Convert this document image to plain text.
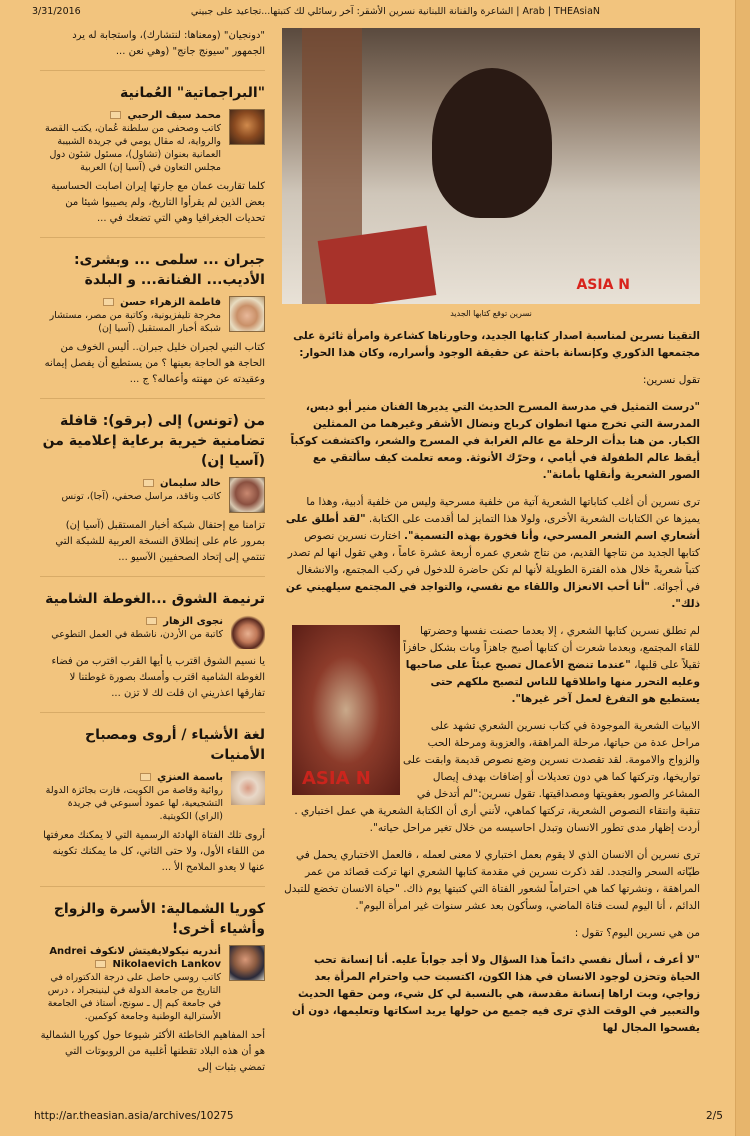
3/31/2016	Arab | THEAsiaN | الشاعرة والفنانة اللبنانية نسرين الأشقر: آخر رسائلي لك كتبتها...تجاعيد على جبيني
"دونجيان" (ومعناها: لنتشارك)، واستجابة له يرد الجمهور "سيونج جانج" (وهي نعن ...
"البراجماتية" العُمانية
محمد سيف الرحبي
كاتب وصحفي من سلطنة عُمان، يكتب القصة والرواية، له مقال يومي في جريدة الشبيبة العمانية بعنوان (تشاول)، مسئول شئون دول مجلس التعاون في (آسيا إن) العربية
كلما تقاربت عمان مع جارتها إيران اصابت الحساسية بعض الذين لم يقرأوا التاريخ، ولم يصيبوا شيئا من تحديات الجغرافيا وهي التي تضعك في ...
جبران ... سلمى ... وبشرى: الأديب... الفنانة... و البلدة
فاطمة الزهراء حسن
مخرجة تليفزيونية، وكاتبة من مصر، مستشار شبكة أخبار المستقبل (آسيا إن)
كتاب النبي لجبران خليل جبران.. أليس الخوف من الحاجة هو الحاجة بعينها ؟ من يستطيع أن يفصل إيمانه وعقيدته عن مهنته وأعماله؟ ج ...
من (تونس) إلى (برقو): قافلة تضامنية خيرية برعاية إعلامية من (آسيا إن)
خالد سليمان
كاتب وناقد، مراسل صحفي، (آجا)، تونس
تزامنا مع إحتفال شبكة أخبار المستقبل (آسيا إن) بمرور عام على إنطلاق النسخة العربية للشبكة التي تنتمي إلى إتحاد الصحفيين الآسيو ...
ترنيمة الشوق ...الغوطة الشامية
نجوى الزهار
كاتبة من الأردن، ناشطة في العمل التطوعي
يا نسيم الشوق اقترب يا أيها القرب اقترب من فضاء الغوطة الشامية اقترب وأمسك بصورة غوطتنا لا تفارقها اعذريني ان قلت لك لا تزن ...
لغة الأشياء / أروى ومصباح الأمنيات
باسمة العنزي
روائية وقاصة من الكويت، فازت بجائزة الدولة التشجيعية، لها عمود أسبوعي في جريدة (الراي) الكويتية.
أروى تلك الفتاة الهادئة الرسمية التي لا يمكنك معرفتها من اللقاء الأول، ولا حتى الثاني، كل ما يمكنك تكوينه عنها لا يعدو الملامح الأ ...
كوريا الشمالية: الأسرة والزواج وأشياء أخرى!
أندريه نيكولايفيتش لانكوف Andrei Nikolaevich Lankov
كاتب روسي حاصل على درجة الدكتوراه في التاريخ من جامعة الدولة في لينينجراد ، درس في جامعة كيم إل ـ سونج، أستاذ في الجامعة الأسترالية الوطنية وجامعة كوكمين.
أحد المفاهيم الخاطئة الأكثر شيوعا حول كوريا الشمالية هو أن هذه البلاد تقطنها أغلبية من الروبوتات التي تمضي بثبات إلى
ASIA N
نسرين توقع كتابها الجديد
التقينا نسرين لمناسبة اصدار كتابها الجديد، وحاورناها كشاعرة وامرأة ثائرة على مجتمعها الذكوري وكإنسانة باحثة عن حقيقة الوجود وأسراره، وكان هذا الحوار:
تقول نسرين:
"درست التمثيل في مدرسة المسرح الحديث التي يديرها الفنان منير أبو دبس، المدرسة التي تخرج منها انطوان كرباج ونضال الأشقر وغيرهما من الممثلين الكبار. من هنا بدأت الرحلة مع عالم الغرابة في المسرح والشعر، واكتشفت كوكباً أيقظ عالم الطفولة في أيامي ، وحرّك الأنوثة. ومعه تعلمت كيف سألتقي مع الصور الشعرية وأنقلها بأمانة".
ترى نسرين أن أغلب كتاباتها الشعرية آتية من خلفية مسرحية وليس من خلفية أدبية، وهذا ما يميزها عن الكتابات الشعرية الأخرى، ولولا هذا التمايز لما أقدمت على الكتابة. "لقد أطلق على أشعاري اسم الشعر المسرحي، وأنا فخورة بهذه التسمية". اختارت نسرين نصوص كتابها الجديد من نتاجها القديم، من نتاج شعري عمره أربعة عشرة عاماً ، وهي تقول انها لم تصدر كتباً شعريةً خلال هذه الفترة الطويلة لأنها لم تكن حاضرة للدخول في ركب المجتمع، والانشغال في أجوائه. "أنا أحب الانعزال واللقاء مع نفسي، والتواجد في المجتمع سيلهيني عن ذلك".
ASIA N
لم تطلق نسرين كتابها الشعري ، إلا بعدما حصنت نفسها وحضرتها للقاء المجتمع، وبعدما شعرت أن كتابها أصبح جاهزاً وبات بشكل حافزاً ثقيلاً على قلبها، "عندما تنضج الأعمال تصبح عبئاً على صاحبها وعليه التحرر منها واطلاقها للناس لتصبح ملكهم حتى يستطيع هو التفرغ لعمل آخر غيرها".
الابيات الشعرية الموجودة في كتاب نسرين الشعري تشهد على مراحل عدة من حياتها، مرحلة المراهقة، والعزوبة ومرحلة الحب والزواج والامومة. لقد تقصدت نسرين وضع نصوص قديمة وابقت على تواريخها، وتركتها كما هي دون تعديلات أو إضافات بهدف إيصال المشاعر والصور بعفويتها ومصداقيتها. تقول نسرين:"لم أتدخل في تنقية وانتقاء النصوص الشعرية، تركتها كماهي، لأنني أرى أن الكتابة الشعرية هي عمل اختباري . أردت إظهار مدى تطور الانسان وتبدل احاسيسه من خلال تغير مراحل حياته".
ترى نسرين أن الانسان الذي لا يقوم بعمل اختباري لا معنى لعمله ، فالعمل الاختباري يحمل في طيّاته السحر والتجدد. لقد ذكرت نسرين في مقدمة كتابها الشعري انها تركت قصائد من عمر المراهقة ، ونشرتها كما هي احتراماً لشعور الفتاة التي كتبتها يوم ذاك. "حياة الانسان تخضع للتبدل الدائم ، أنا اليوم لست فتاة الماضي، وسأكون بعد عشر سنوات غير امرأة اليوم".
من هي نسرين اليوم؟ تقول :
"لا أعرف ، أسأل نفسي دائماً هذا السؤال ولا أجد جواباً عليه. أنا إنسانة تحب الحياة وتحزن لوجود الانسان في هذا الكون، اكتسبت حب واحترام المرأة بعد زواجي، وبت اراها إنسانة مقدسة، هي بالنسبة لي كل شيء، ومن حقها الحديث والتعبير في الوقت الذي ترى فيه جميع من حولها يريد اسكاتها وتعليمها، دون أن يفسحوا المجال لها
http://ar.theasian.asia/archives/10275	2/5
